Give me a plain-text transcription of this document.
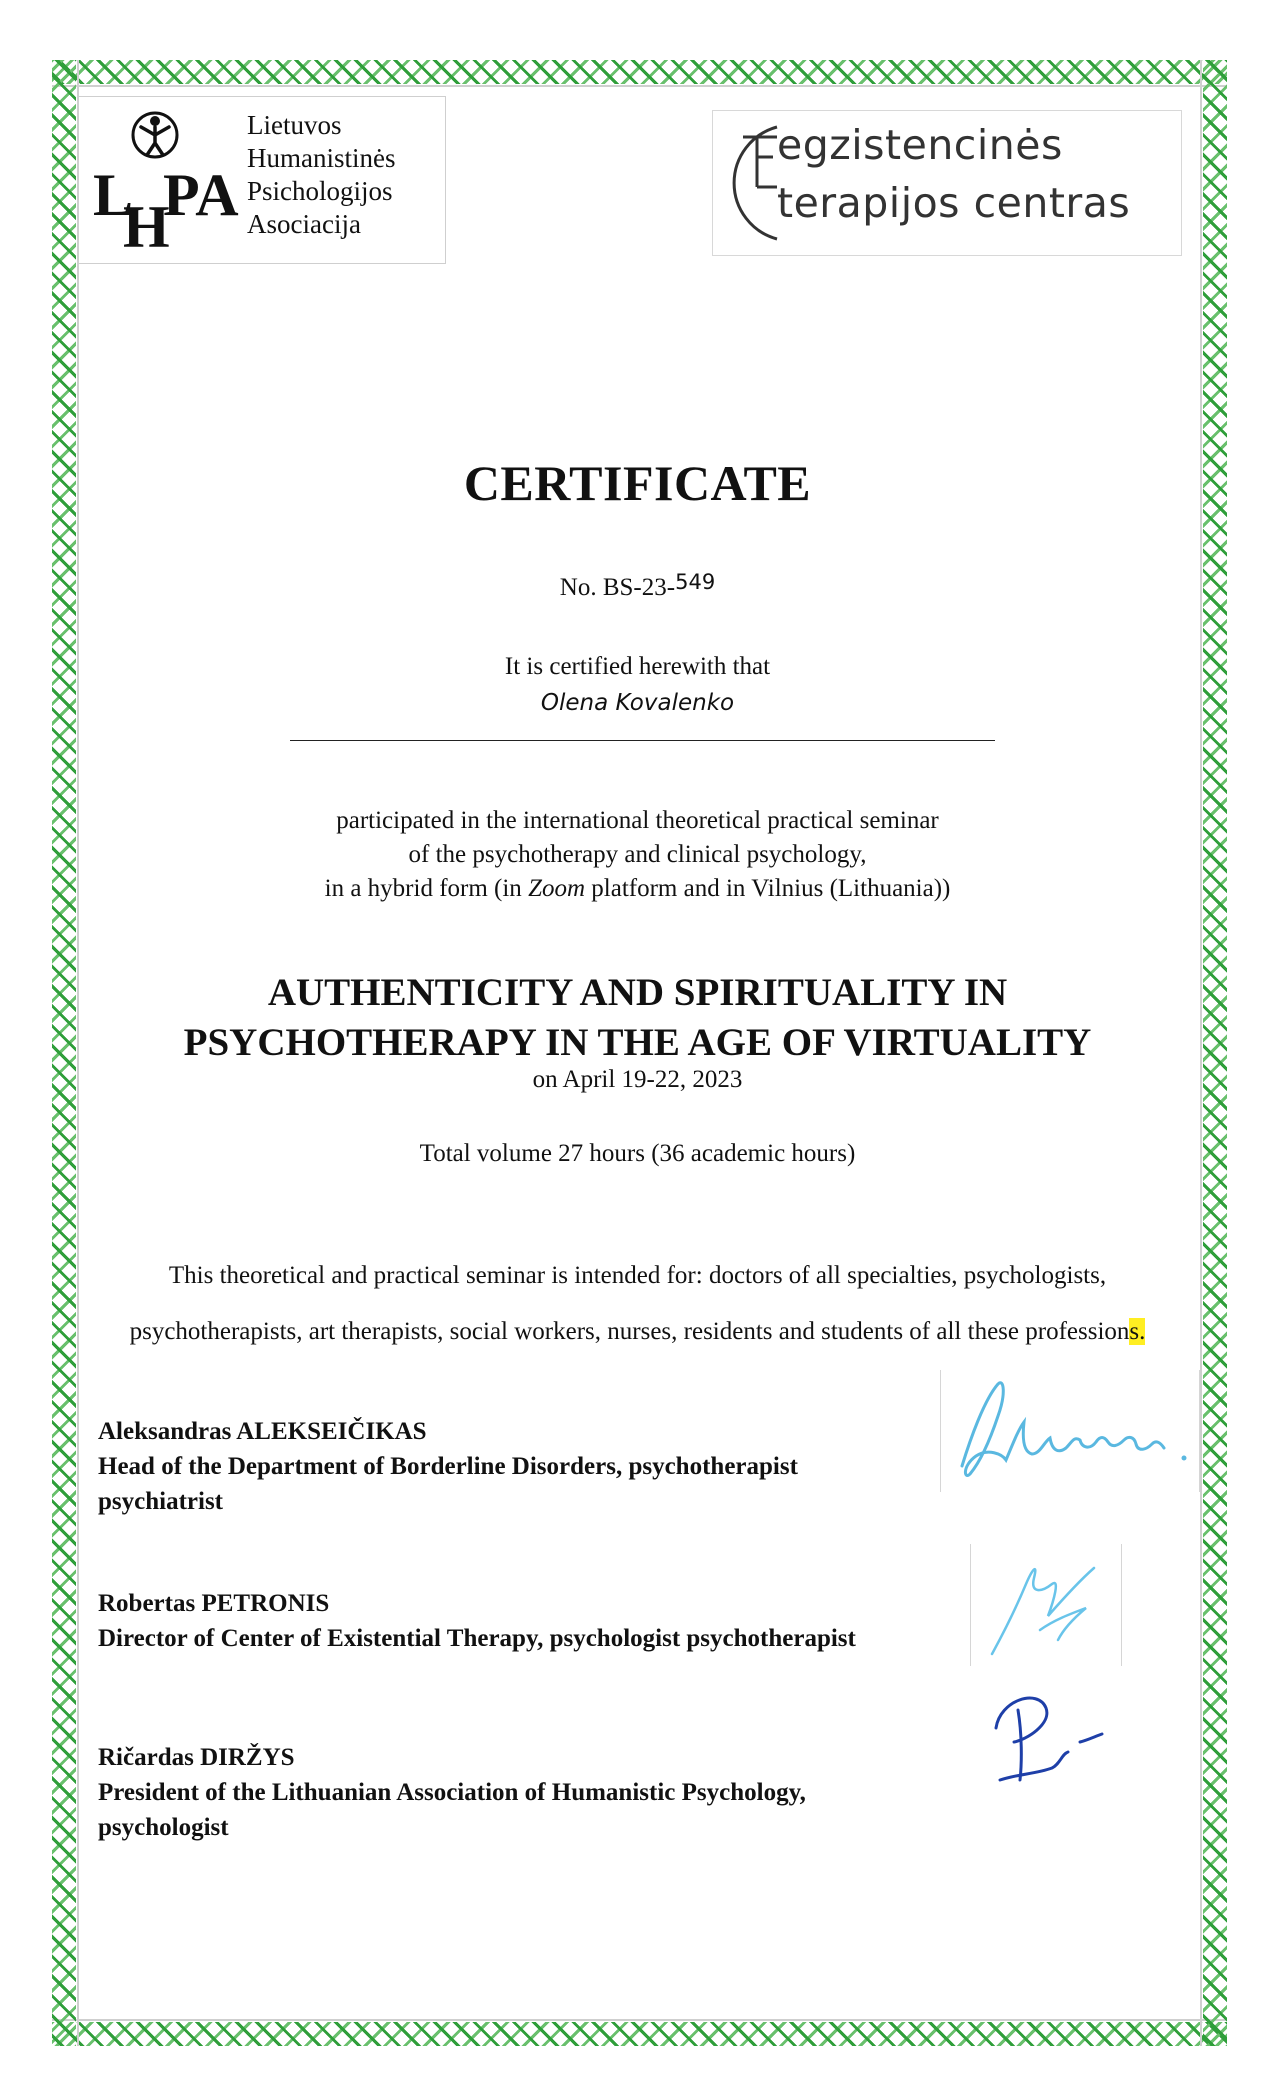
L
H
PA
Lietuvos
Humanistinės
Psichologijos
Asociacija
egzistencinės
terapijos centras
CERTIFICATE
No. BS-23-$^{549}$
It is certified herewith that
Olena Kovalenko
participated in the international theoretical practical seminar
of the psychotherapy and clinical psychology,
in a hybrid form (in Zoom platform and in Vilnius (Lithuania))
AUTHENTICITY AND SPIRITUALITY IN
PSYCHOTHERAPY IN THE AGE OF VIRTUALITY
on April 19-22, 2023
Total volume 27 hours (36 academic hours)
This theoretical and practical seminar is intended for: doctors of all specialties, psychologists,
psychotherapists, art therapists, social workers, nurses, residents and students of all these professions.
Aleksandras ALEKSEIČIKAS
Head of the Department of Borderline Disorders, psychotherapist
psychiatrist
Robertas PETRONIS
Director of Center of Existential Therapy, psychologist psychotherapist
Ričardas DIRŽYS
President of the Lithuanian Association of Humanistic Psychology,
psychologist
